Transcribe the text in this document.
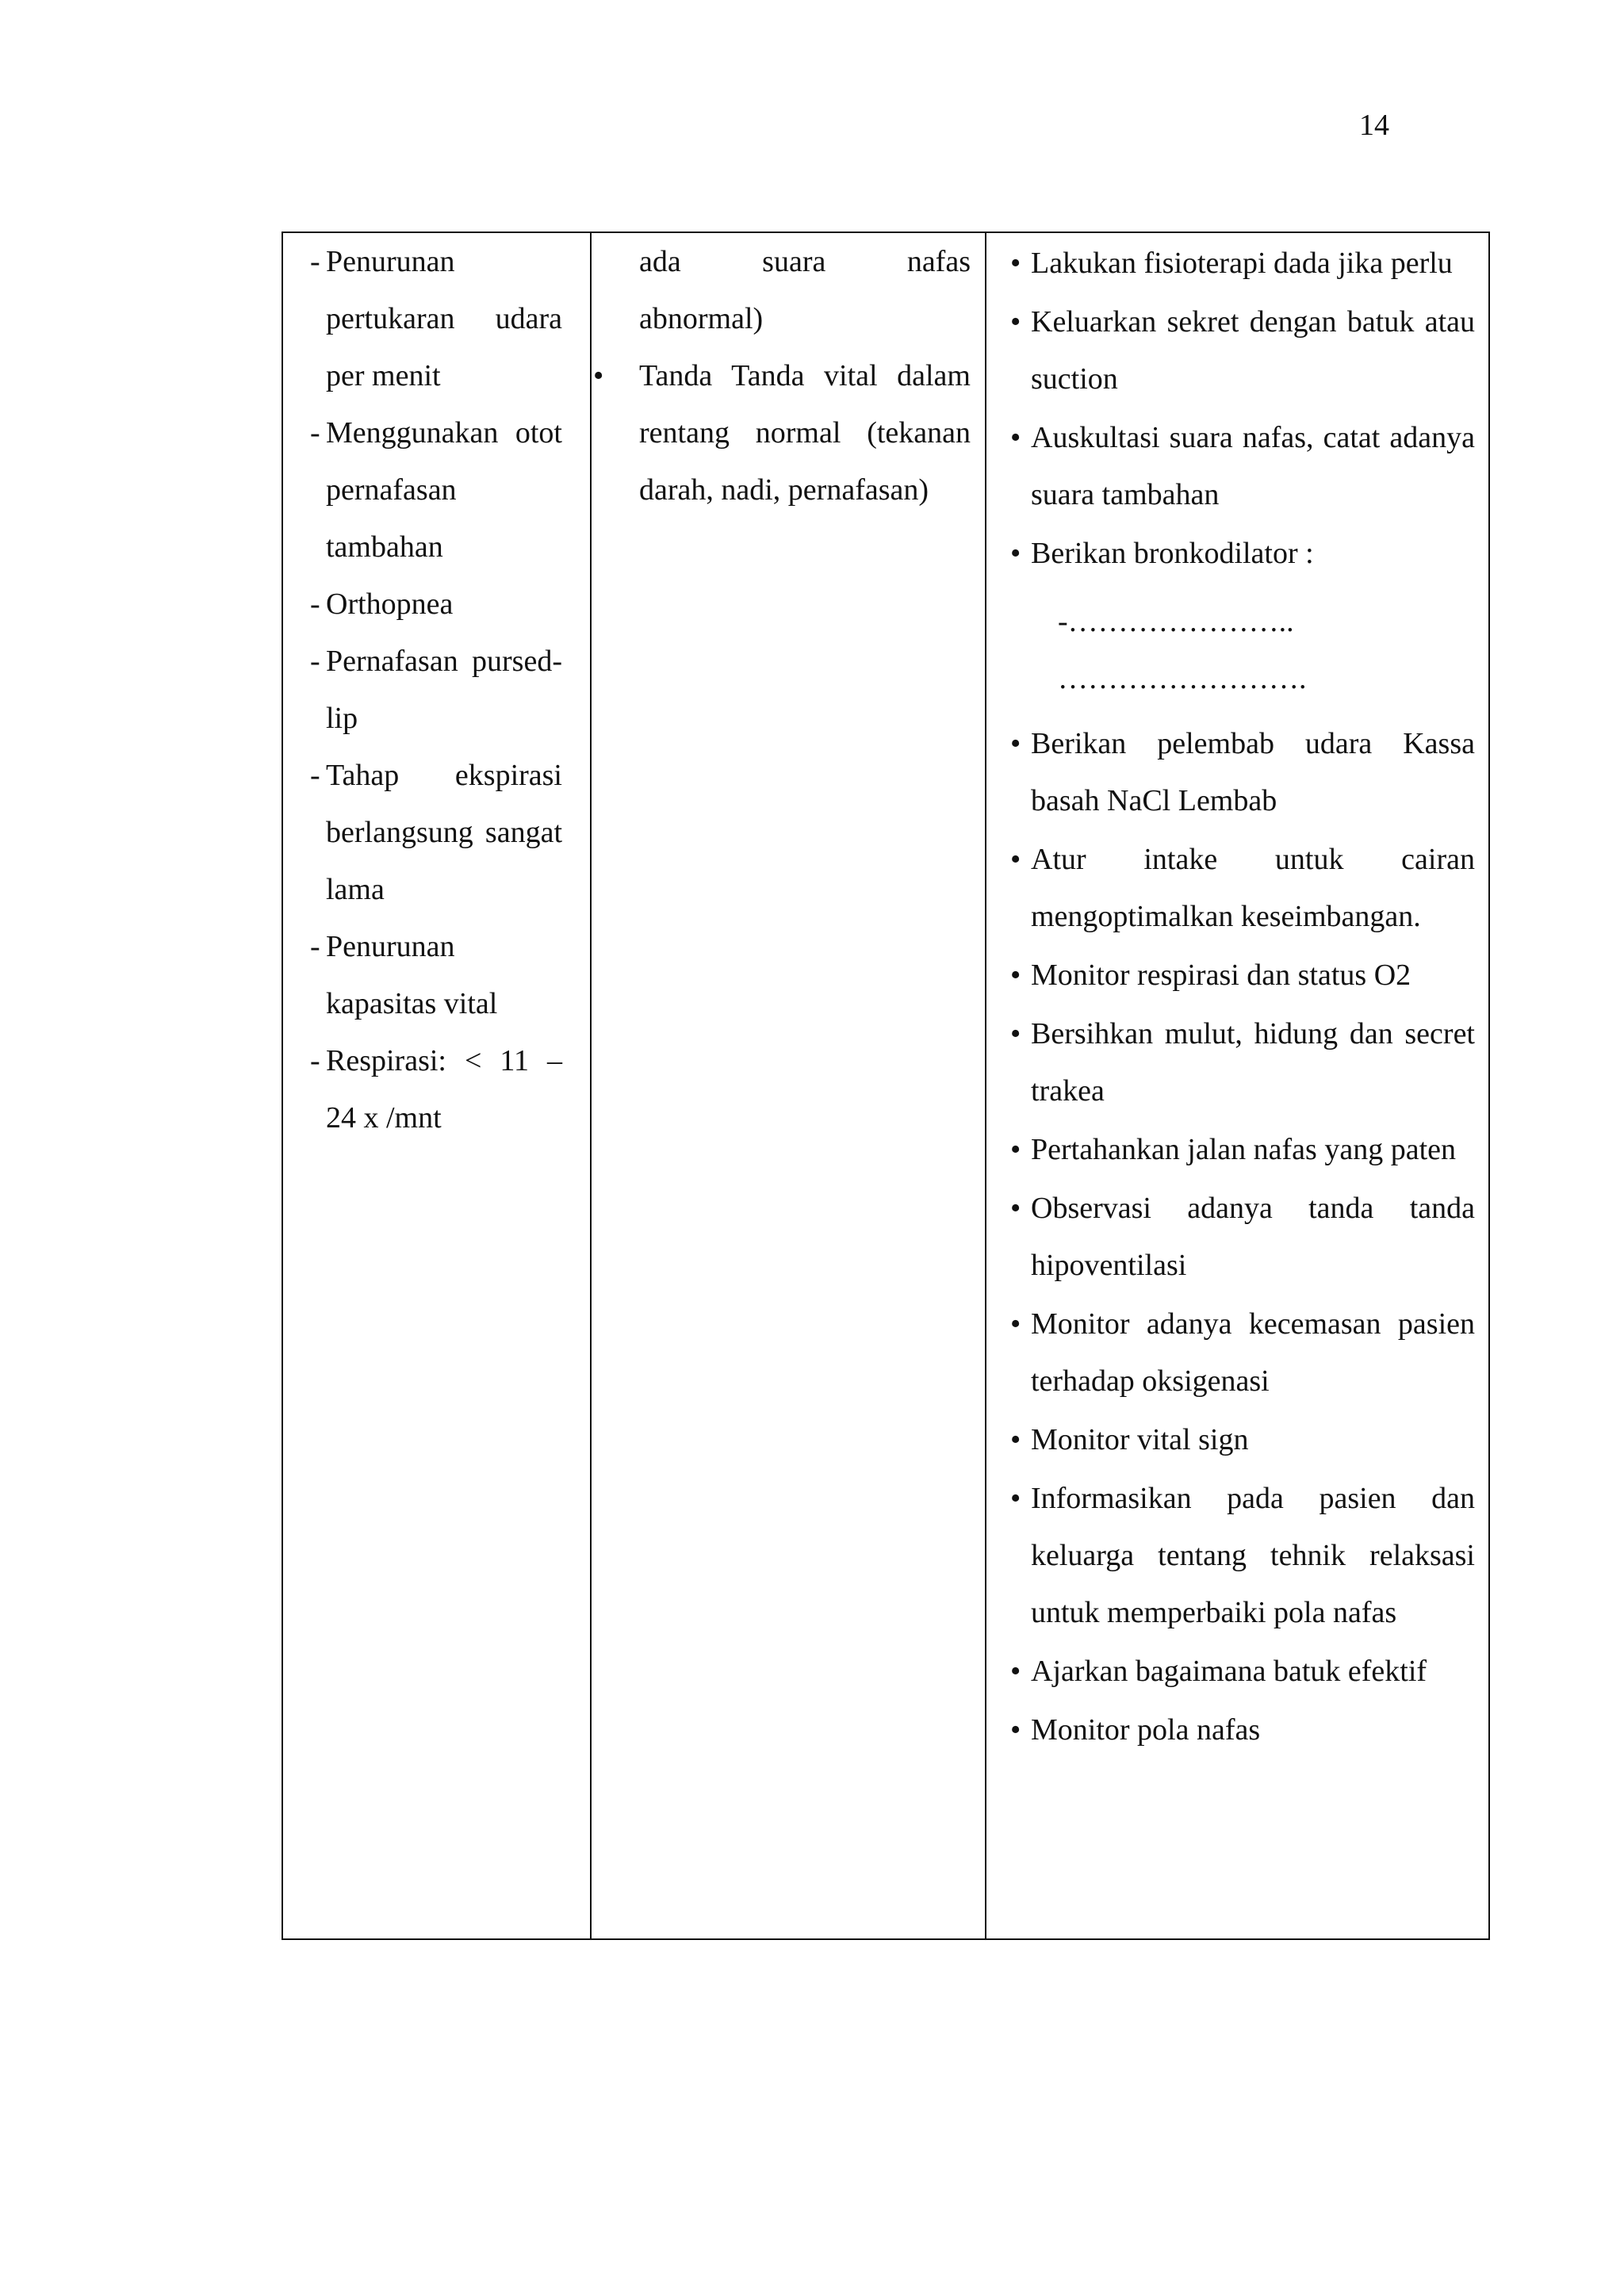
14
- Penurunan pertukaran udara per menit
- Menggunakan otot pernafasan tambahan
- Orthopnea
- Pernafasan pursed-lip
- Tahap ekspirasi berlangsung sangat lama
- Penurunan kapasitas vital
- Respirasi: < 11 – 24 x /mnt
ada suara nafas
abnormal)
• Tanda Tanda vital dalam rentang normal (tekanan darah, nadi, pernafasan)
• Lakukan fisioterapi dada jika perlu
• Keluarkan sekret dengan batuk atau suction
• Auskultasi suara nafas, catat adanya suara tambahan
• Berikan bronkodilator :
-…………………..
…………………….
• Berikan pelembab udara Kassa basah NaCl Lembab
• Atur intake untuk cairan mengoptimalkan keseimbangan.
• Monitor respirasi dan status O2
• Bersihkan mulut, hidung dan secret trakea
• Pertahankan jalan nafas yang paten
• Observasi adanya tanda tanda hipoventilasi
• Monitor adanya kecemasan pasien terhadap oksigenasi
• Monitor vital sign
• Informasikan pada pasien dan keluarga tentang tehnik relaksasi untuk memperbaiki pola nafas
• Ajarkan bagaimana batuk efektif
• Monitor pola nafas
